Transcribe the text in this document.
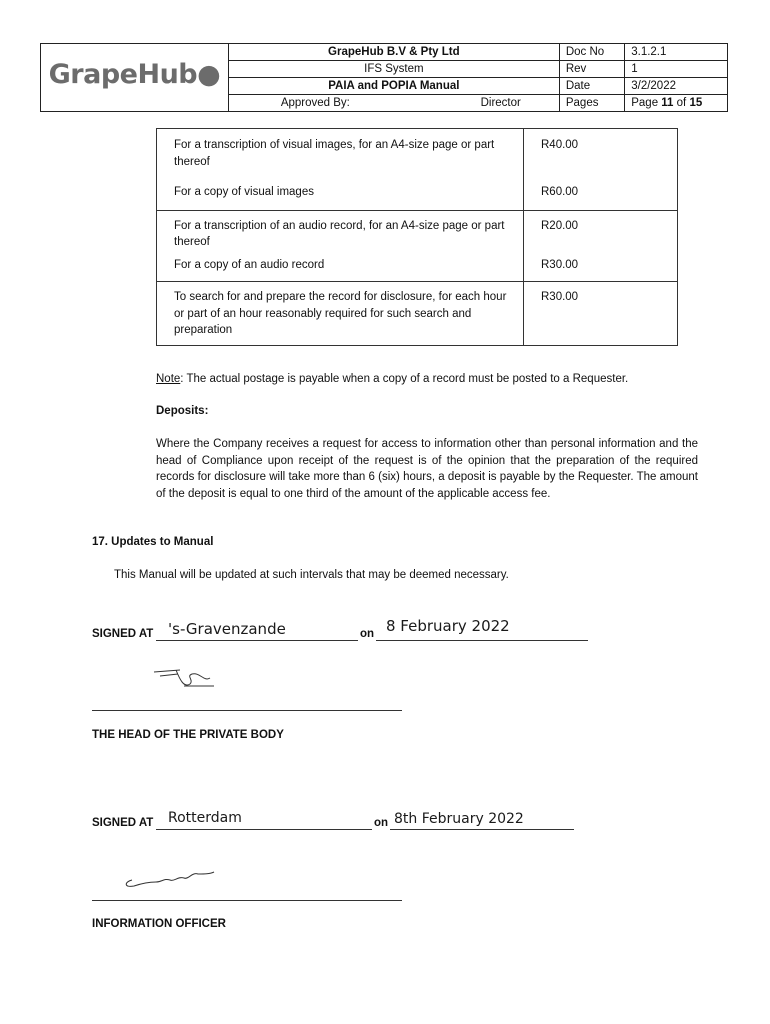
GrapeHub●	GrapeHub B.V & Pty Ltd	Doc No	3.1.2.1
	IFS System	Rev	1
	PAIA and POPIA Manual	Date	3/2/2022

	Approved By: Director	Pages	Page 11 of 15
For a transcription of visual images, for an A4-size page or part thereof	R40.00
For a copy of visual images	R60.00
For a transcription of an audio record, for an A4-size page or part thereof	R20.00
For a copy of an audio record	R30.00
To search for and prepare the record for disclosure, for each hour or part of an hour reasonably required for such search and preparation	R30.00
Note: The actual postage is payable when a copy of a record must be posted to a Requester.
Deposits:
Where the Company receives a request for access to information other than personal information and the head of Compliance upon receipt of the request is of the opinion that the preparation of the required records for disclosure will take more than 6 (six) hours, a deposit is payable by the Requester. The amount of the deposit is equal to one third of the amount of the applicable access fee.
17. Updates to Manual
This Manual will be updated at such intervals that may be deemed necessary.
SIGNED AT 's-Gravenzande	on 8 February 2022
THE HEAD OF THE PRIVATE BODY
SIGNED AT Rotterdam	on 8th February 2022
INFORMATION OFFICER
